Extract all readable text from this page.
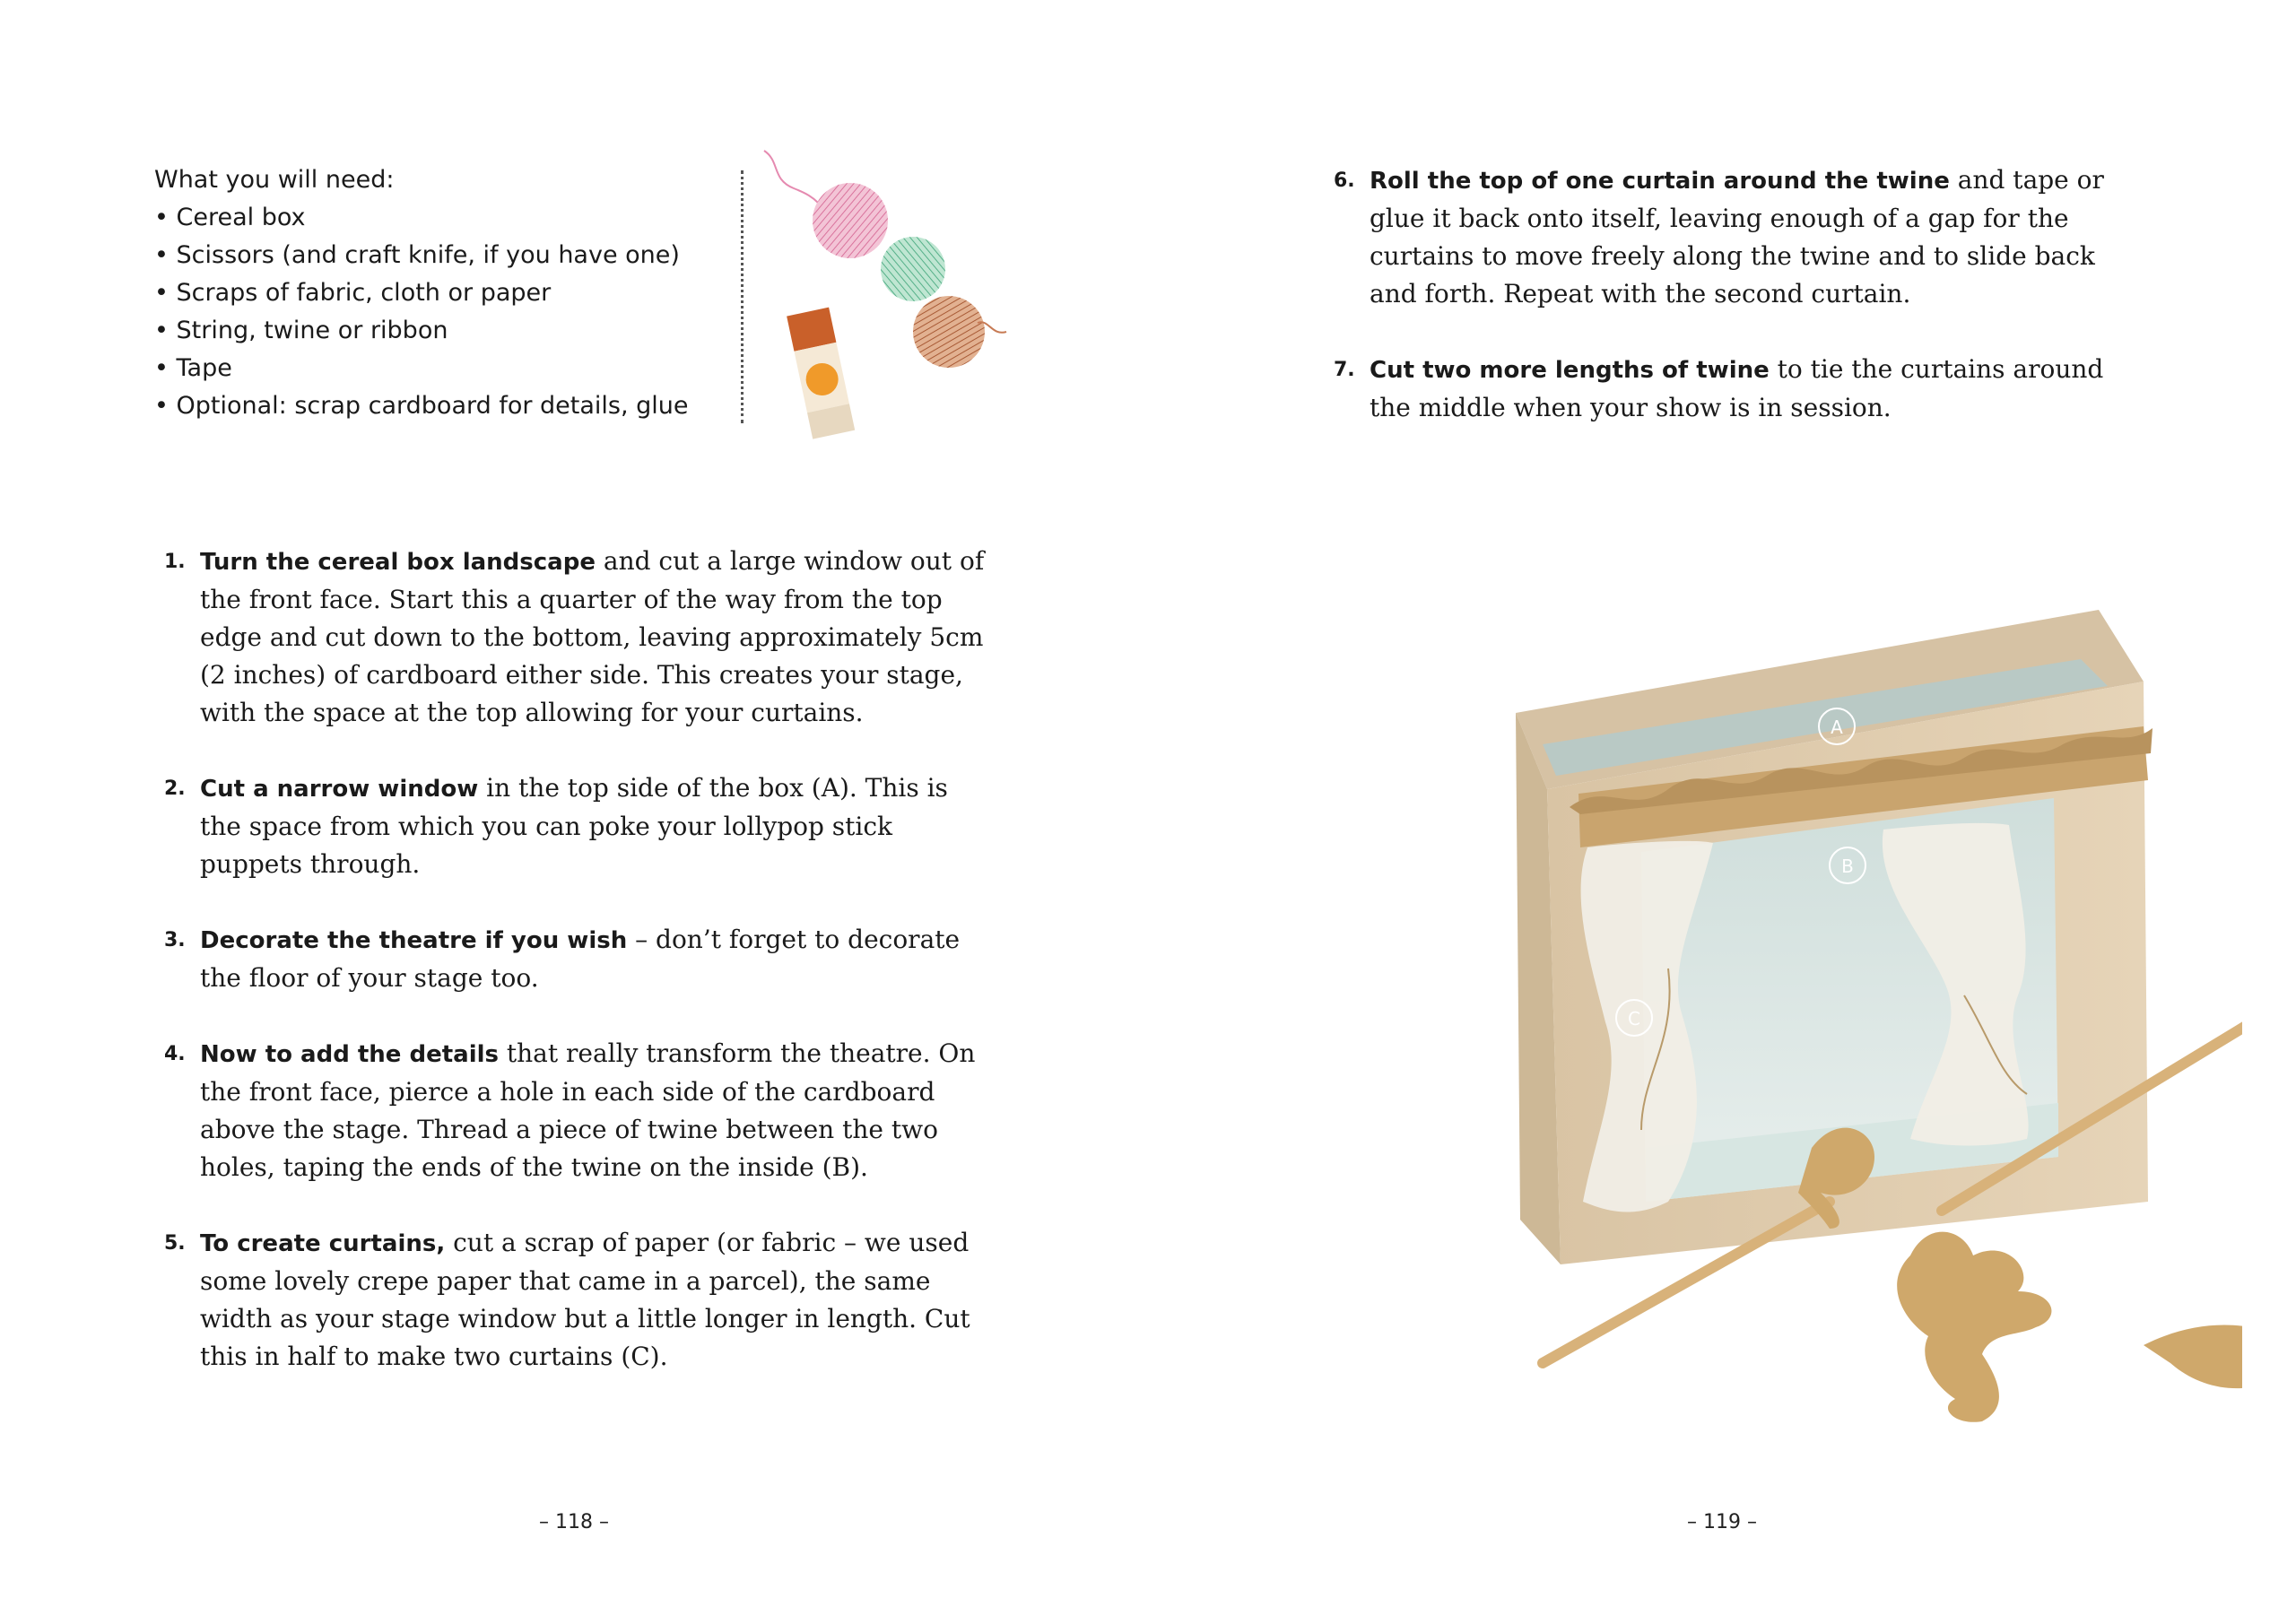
What you will need:
• Cereal box
• Scissors (and craft knife, if you have one)
• Scraps of fabric, cloth or paper
• String, twine or ribbon
• Tape
• Optional: scrap cardboard for details, glue
1. Turn the cereal box landscape and cut a large window out of the front face. Start this a quarter of the way from the top edge and cut down to the bottom, leaving approximately 5cm (2 inches) of cardboard either side. This creates your stage, with the space at the top allowing for your curtains.
2. Cut a narrow window in the top side of the box (A). This is the space from which you can poke your lollypop stick puppets through.
3. Decorate the theatre if you wish – don’t forget to decorate the floor of your stage too.
4. Now to add the details that really transform the theatre. On the front face, pierce a hole in each side of the cardboard above the stage. Thread a piece of twine between the two holes, taping the ends of the twine on the inside (B).
5. To create curtains, cut a scrap of paper (or fabric – we used some lovely crepe paper that came in a parcel), the same width as your stage window but a little longer in length. Cut this in half to make two curtains (C).
– 118 –
6. Roll the top of one curtain around the twine and tape or glue it back onto itself, leaving enough of a gap for the curtains to move freely along the twine and to slide back and forth. Repeat with the second curtain.
7. Cut two more lengths of twine to tie the curtains around the middle when your show is in session.
A
B
C
– 119 –
